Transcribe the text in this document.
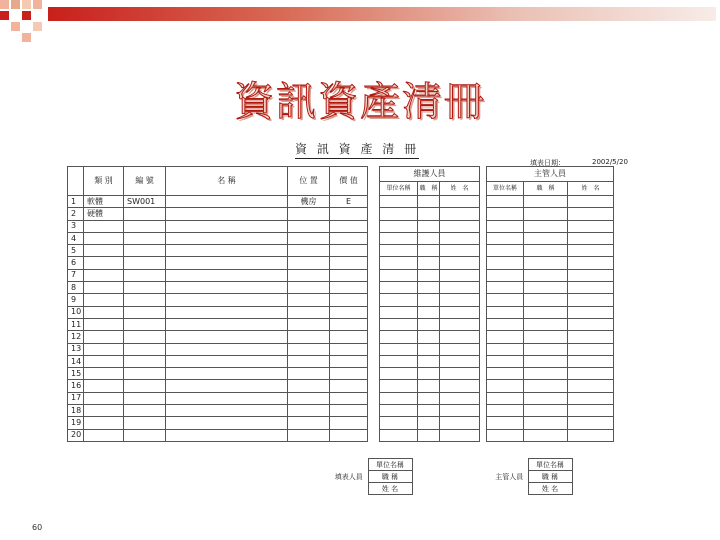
資訊資產清冊
資 訊 資 產 清 冊
填表日期：	2002/5/20
	類 別	編 號	名 稱	位 置	價 值		維護人員				主管人員		
							單位名稱	職　稱	姓　名		單位名稱	職　稱	姓　名
1	軟體	SW001		機房	E								
2	硬體												
3													
4													
5													
6													
7													
8													
9													
10													
11													
12													
13													
14													
15													
16													
17													
18													
19													
20													
填表人員	單位名稱	
	職 稱	
	姓 名	
主管人員	單位名稱	
	職 稱	
	姓 名	
60
